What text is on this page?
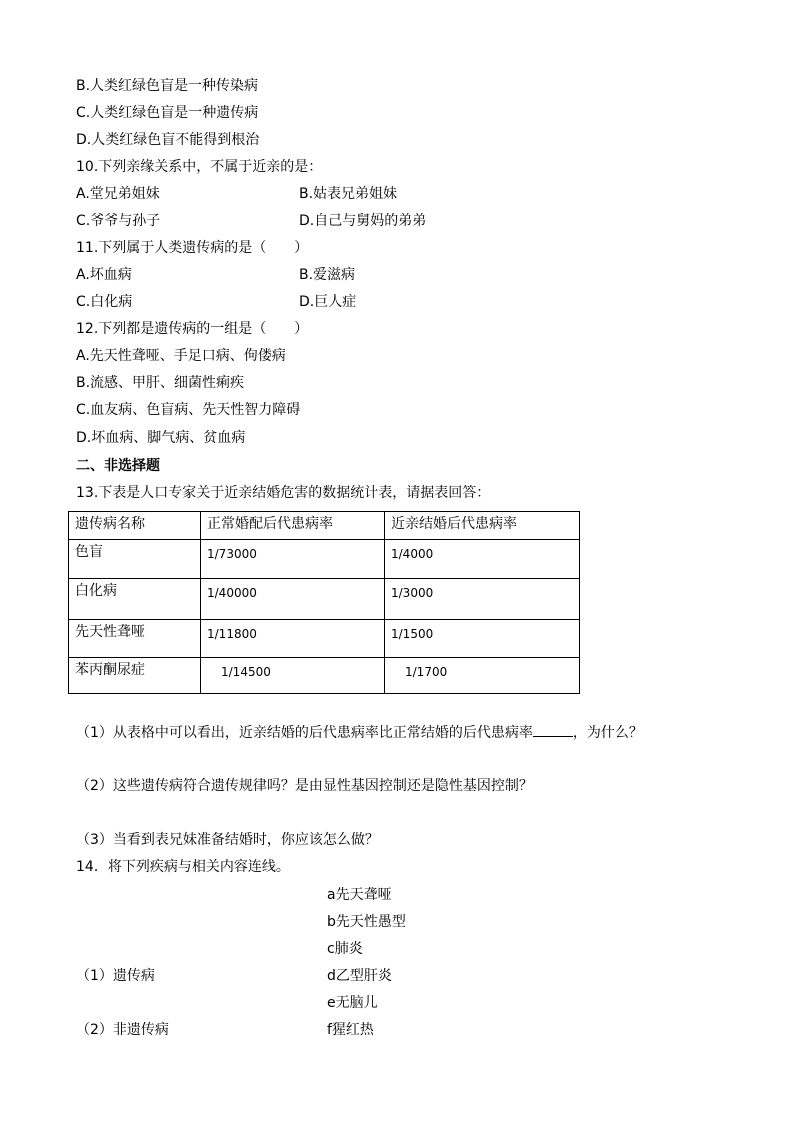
B.人类红绿色盲是一种传染病
C.人类红绿色盲是一种遗传病
D.人类红绿色盲不能得到根治
10.下列亲缘关系中，不属于近亲的是：
A.堂兄弟姐妹	B.姑表兄弟姐妹
C.爷爷与孙子	D.自己与舅妈的弟弟
11.下列属于人类遗传病的是（　　）
A.坏血病	B.爱滋病
C.白化病	D.巨人症
12.下列都是遗传病的一组是（　　）
A.先天性聋哑、手足口病、佝偻病
B.流感、甲肝、细菌性痢疾
C.血友病、色盲病、先天性智力障碍
D.坏血病、脚气病、贫血病
二、非选择题
13.下表是人口专家关于近亲结婚危害的数据统计表，请据表回答：
遗传病名称	正常婚配后代患病率	近亲结婚后代患病率
色盲	1/73000	1/4000
白化病	1/40000	1/3000
先天性聋哑	1/11800	1/1500
苯丙酮尿症	1/14500	1/1700
（1）从表格中可以看出，近亲结婚的后代患病率比正常结婚的后代患病率	，为什么？
（2）这些遗传病符合遗传规律吗？是由显性基因控制还是隐性基因控制？
（3）当看到表兄妹准备结婚时，你应该怎么做？
14．将下列疾病与相关内容连线。
a先天聋哑
b先天性愚型
c肺炎
d乙型肝炎
e无脑儿
f猩红热
（1）遗传病
（2）非遗传病
